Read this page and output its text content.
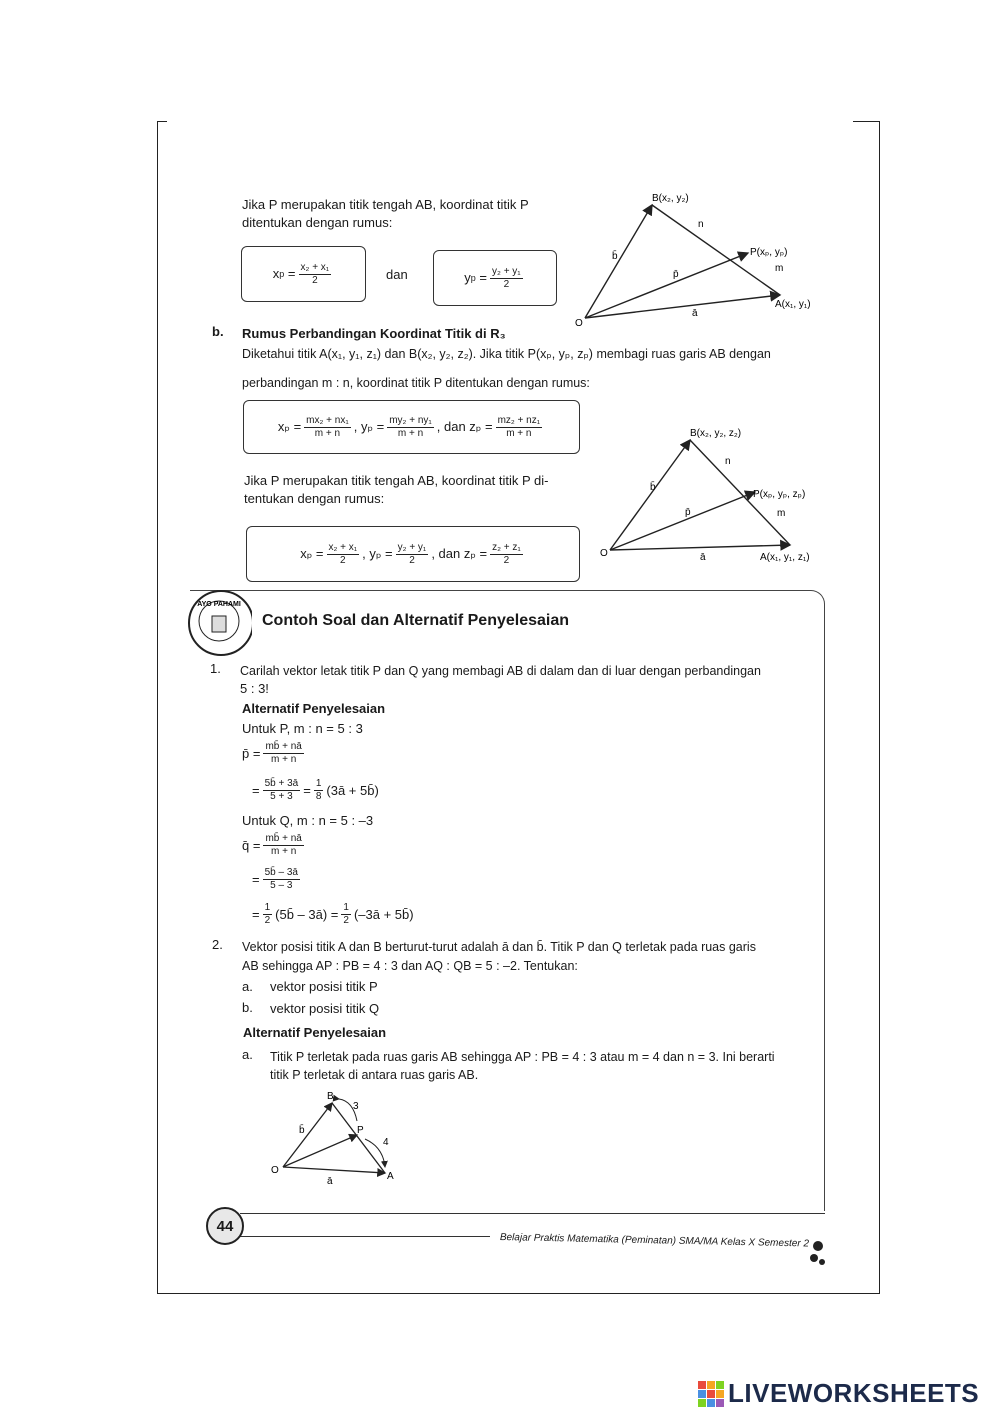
Jika P merupakan titik tengah AB, koordinat titik P ditentukan dengan rumus:
x $p = \frac{\text{x₂ + x₁}}{2}$	dan	y $p = \frac{\text{y₂ + y₁}}{2}$
B(x₂, y₂)
P(xₚ, yₚ)
A(x₁, y₁)
O
n
m
b̄
p̄
ā
b. Rumus Perbandingan Koordinat Titik di R₃
Diketahui titik A(x₁, y₁, z₁) dan B(x₂, y₂, z₂). Jika titik P(xₚ, yₚ, zₚ) membagi ruas garis AB dengan
perbandingan m : n, koordinat titik P ditentukan dengan rumus:
$x_p = \frac{\text{mx₂ + nx₁}}{m + n}$ , $y_p = \frac{\text{my₂ + ny₁}}{m + n}$ , dan $z_p = \frac{\text{mz₂ + nz₁}}{m + n}$
Jika P merupakan titik tengah AB, koordinat titik P di-
tentukan dengan rumus:
$x_p = \frac{\text{x₂ + x₁}}{2}$ , $y_p = \frac{\text{y₂ + y₁}}{2}$ , dan $z_p = \frac{\text{z₂ + z₁}}{2}$
B(x₂, y₂, z₂)
P(xₚ, yₚ, zₚ)
A(x₁, y₁, z₁)
O
n
m
b̄
p̄
ā
AYO PAHAMI
Contoh Soal dan Alternatif Penyelesaian
1. Carilah vektor letak titik P dan Q yang membagi AB di dalam dan di luar dengan perbandingan
5 : 3!
Alternatif Penyelesaian
Untuk P, m : n = 5 : 3
p̄ = $\frac{mb̄ + nā}{m + n}$
= $\frac{5b̄ + 3ā}{5 + 3} = \frac{1}{8}$ (3ā + 5b̄)
Untuk Q, m : n = 5 : –3
q̄ = $\frac{mb̄ + nā}{m + n}$
= $\frac{5b̄ - 3ā}{5 - 3}$
= $\frac{1}{2}$ (5b̄ – 3ā) = $\frac{1}{2}$ (–3ā + 5b̄)
2. Vektor posisi titik A dan B berturut-turut adalah ā dan b̄. Titik P dan Q terletak pada ruas garis
AB sehingga AP : PB = 4 : 3 dan AQ : QB = 5 : –2. Tentukan:
a. vektor posisi titik P
b. vektor posisi titik Q
Alternatif Penyelesaian
a. Titik P terletak pada ruas garis AB sehingga AP : PB = 4 : 3 atau m = 4 dan n = 3. Ini berarti
titik P terletak di antara ruas garis AB.
B
P
A
O
3
4
b̄
ā
44
Belajar Praktis Matematika (Peminatan) SMA/MA Kelas X Semester 2
LIVEWORKSHEETS
